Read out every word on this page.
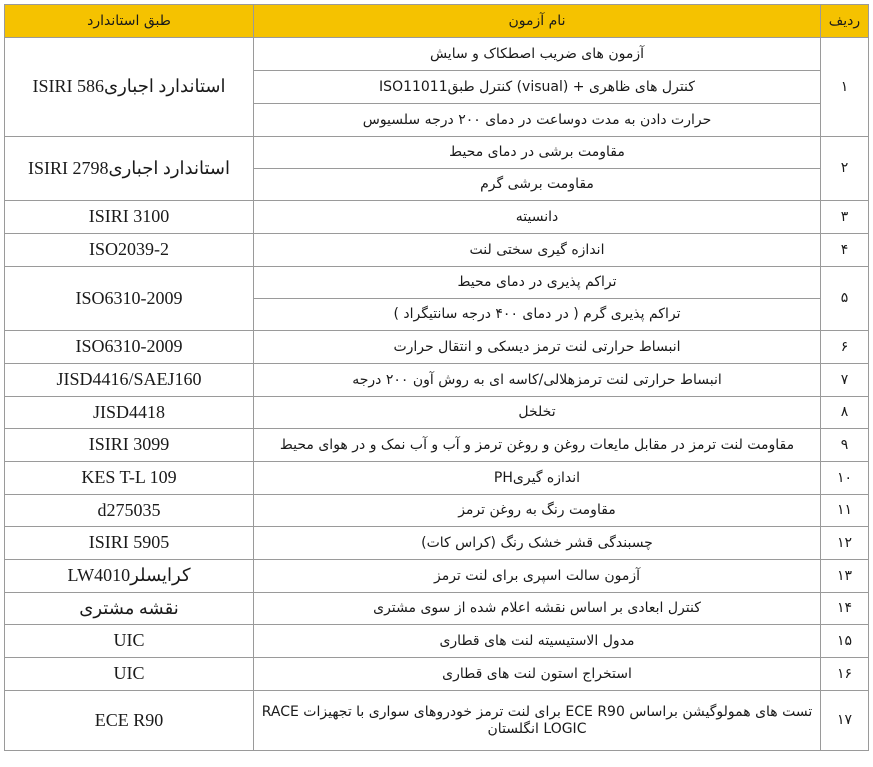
ردیف	نام آزمون	طبق استاندارد
۱	آزمون های ضریب اصطکاک و سایش	استاندارد اجباریISIRI 586
	کنترل های ظاهری + (visual) کنترل طبقISO11011	
	حرارت دادن به مدت دوساعت در دمای ۲۰۰ درجه سلسیوس	
۲	مقاومت برشی در دمای محیط	استاندارد اجباریISIRI 2798
	مقاومت برشی گرم	
۳	دانسیته	ISIRI 3100
۴	اندازه گیری سختی لنت	ISO2039-2
۵	تراکم پذیری در دمای محیط	ISO6310-2009
	تراکم پذیری گرم ( در دمای ۴۰۰ درجه سانتیگراد )	
۶	انبساط حرارتی لنت ترمز دیسکی و انتقال حرارت	ISO6310-2009
۷	انبساط حرارتی لنت ترمزهلالی/کاسه ای به روش آون ۲۰۰ درجه	JISD4416/SAEJ160
۸	تخلخل	JISD4418
۹	مقاومت لنت ترمز در مقابل مایعات روغن و روغن ترمز و آب و آب نمک و در هوای محیط	ISIRI 3099
۱۰	اندازه گیریPH	KES T-L 109
۱۱	مقاومت رنگ به روغن ترمز	d275035
۱۲	چسبندگی قشر خشک رنگ (کراس کات)	ISIRI 5905
۱۳	آزمون سالت اسپری برای لنت ترمز	کرایسلرLW4010
۱۴	کنترل ابعادی بر اساس نقشه اعلام شده از سوی مشتری	نقشه مشتری
۱۵	مدول الاستیسیته لنت های قطاری	UIC
۱۶	استخراج استون لنت های قطاری	UIC
۱۷	تست های همولوگیشن براساس ECE R90 برای لنت ترمز خودروهای سواری با تجهیزات RACE LOGIC انگلستان	ECE R90
